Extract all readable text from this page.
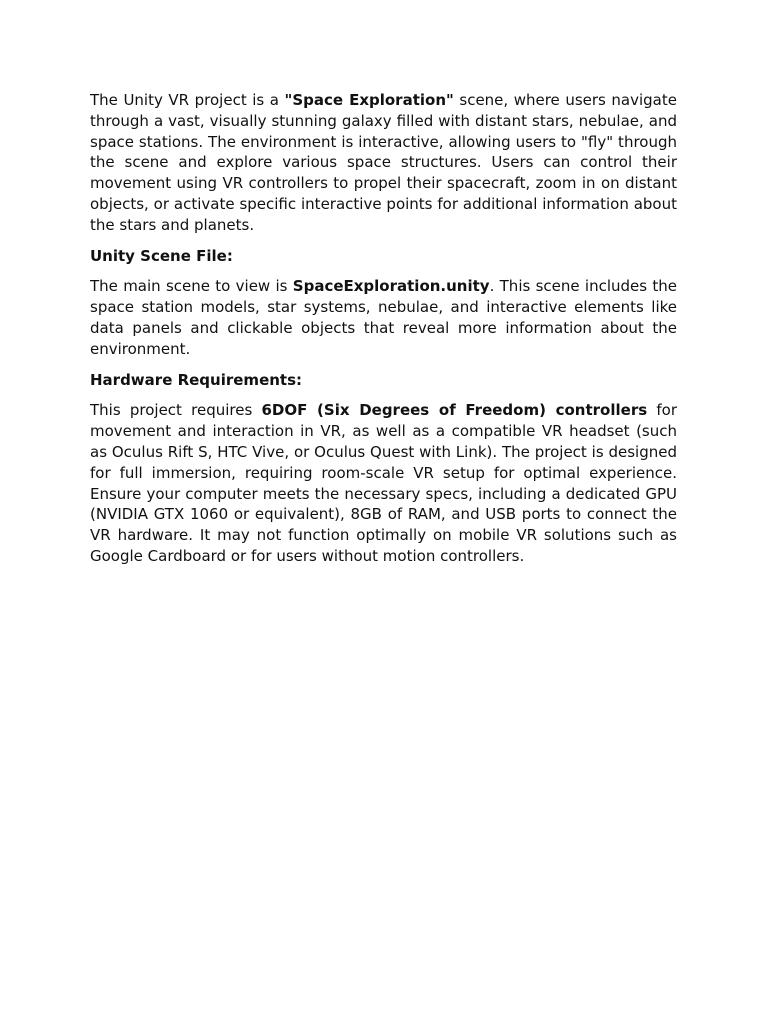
The Unity VR project is a "Space Exploration" scene, where users navigate through a vast, visually stunning galaxy filled with distant stars, nebulae, and space stations. The environment is interactive, allowing users to "fly" through the scene and explore various space structures. Users can control their movement using VR controllers to propel their spacecraft, zoom in on distant objects, or activate specific interactive points for additional information about the stars and planets.

Unity Scene File:

The main scene to view is SpaceExploration.unity. This scene includes the space station models, star systems, nebulae, and interactive elements like data panels and clickable objects that reveal more information about the environment.

Hardware Requirements:

This project requires 6DOF (Six Degrees of Freedom) controllers for movement and interaction in VR, as well as a compatible VR headset (such as Oculus Rift S, HTC Vive, or Oculus Quest with Link). The project is designed for full immersion, requiring room-scale VR setup for optimal experience. Ensure your computer meets the necessary specs, including a dedicated GPU (NVIDIA GTX 1060 or equivalent), 8GB of RAM, and USB ports to connect the VR hardware. It may not function optimally on mobile VR solutions such as Google Cardboard or for users without motion controllers.
